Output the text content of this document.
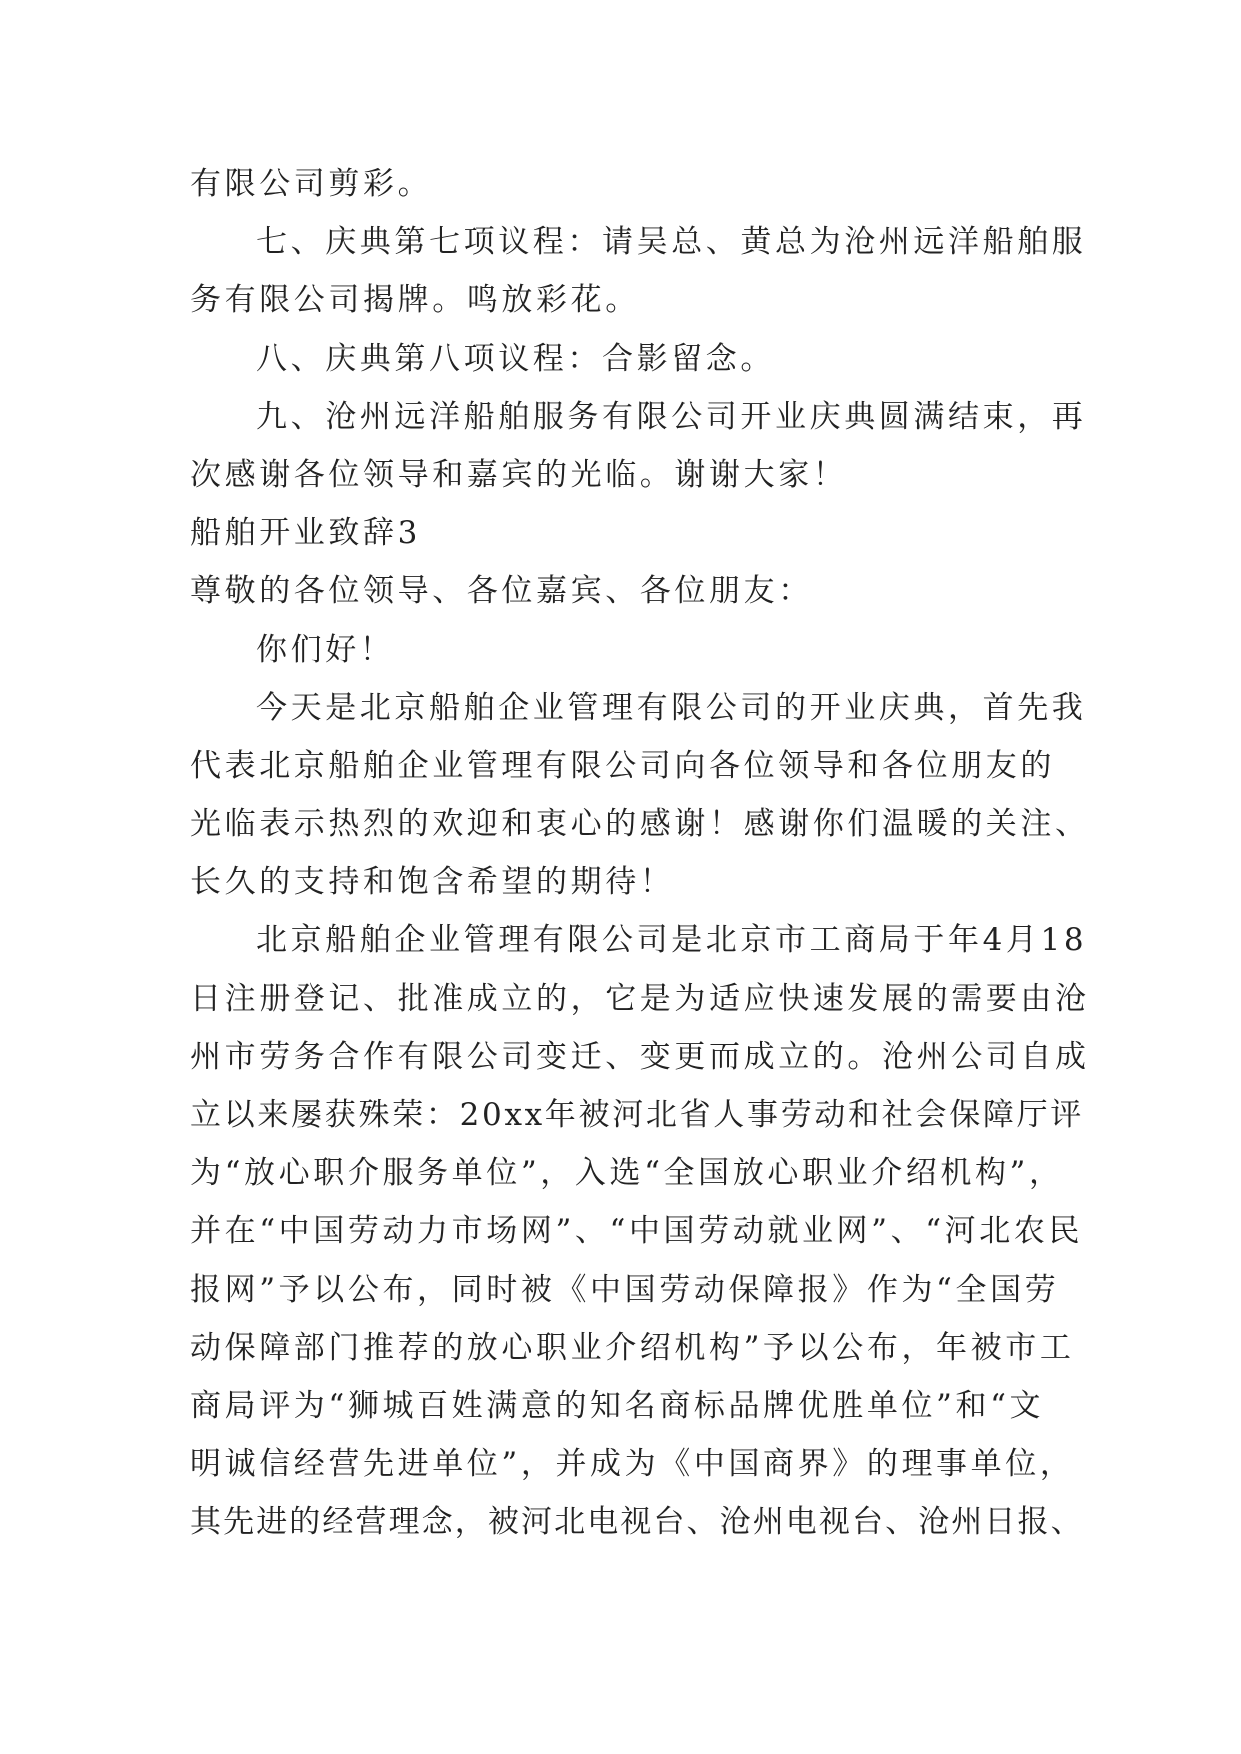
有限公司剪彩。
七、庆典第七项议程：请吴总、黄总为沧州远洋船舶服
务有限公司揭牌。鸣放彩花。
八、庆典第八项议程：合影留念。
九、沧州远洋船舶服务有限公司开业庆典圆满结束，再
次感谢各位领导和嘉宾的光临。谢谢大家！
船舶开业致辞3
尊敬的各位领导、各位嘉宾、各位朋友：
你们好！
今天是北京船舶企业管理有限公司的开业庆典，首先我
代表北京船舶企业管理有限公司向各位领导和各位朋友的
光临表示热烈的欢迎和衷心的感谢！感谢你们温暖的关注、
长久的支持和饱含希望的期待！
北京船舶企业管理有限公司是北京市工商局于年4月18
日注册登记、批准成立的，它是为适应快速发展的需要由沧
州市劳务合作有限公司变迁、变更而成立的。沧州公司自成
立以来屡获殊荣：20xx年被河北省人事劳动和社会保障厅评
为“放心职介服务单位”，入选“全国放心职业介绍机构”，
并在“中国劳动力市场网”、“中国劳动就业网”、“河北农民
报网”予以公布，同时被《中国劳动保障报》作为“全国劳
动保障部门推荐的放心职业介绍机构”予以公布，年被市工
商局评为“狮城百姓满意的知名商标品牌优胜单位”和“文
明诚信经营先进单位”，并成为《中国商界》的理事单位，
其先进的经营理念，被河北电视台、沧州电视台、沧州日报、
